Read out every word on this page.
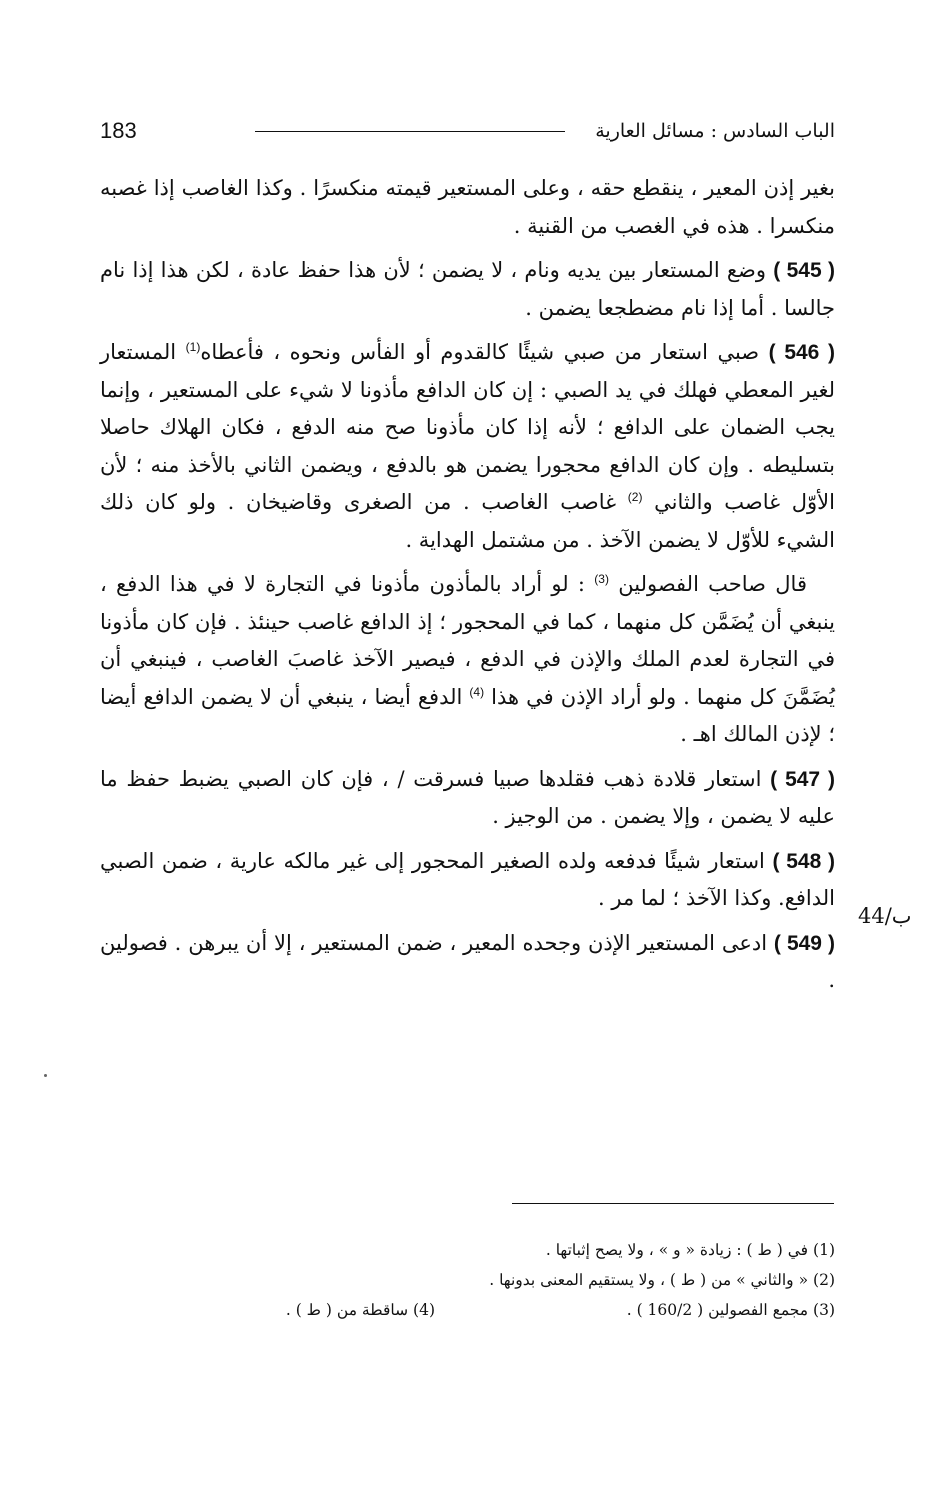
الباب السادس : مسائل العارية
183

بغير إذن المعير ، ينقطع حقه ، وعلى المستعير قيمته منكسرًا . وكذا الغاصب إذا غصبه منكسرا . هذه في الغصب من القنية .

( 545 ) وضع المستعار بين يديه ونام ، لا يضمن ؛ لأن هذا حفظ عادة ، لكن هذا إذا نام جالسا . أما إذا نام مضطجعا يضمن .

( 546 ) صبي استعار من صبي شيئًا كالقدوم أو الفأس ونحوه ، فأعطاه$^{(1)}$ المستعار لغير المعطي فهلك في يد الصبي : إن كان الدافع مأذونا لا شيء على المستعير ، وإنما يجب الضمان على الدافع ؛ لأنه إذا كان مأذونا صح منه الدفع ، فكان الهلاك حاصلا بتسليطه . وإن كان الدافع محجورا يضمن هو بالدفع ، ويضمن الثاني بالأخذ منه ؛ لأن الأوّل غاصب والثاني $^{(2)}$ غاصب الغاصب . من الصغرى وقاضيخان . ولو كان ذلك الشيء للأوّل لا يضمن الآخذ . من مشتمل الهداية .

قال صاحب الفصولين $^{(3)}$ : لو أراد بالمأذون مأذونا في التجارة لا في هذا الدفع ، ينبغي أن يُضَمَّن كل منهما ، كما في المحجور ؛ إذ الدافع غاصب حينئذ . فإن كان مأذونا في التجارة لعدم الملك والإذن في الدفع ، فيصير الآخذ غاصبَ الغاصب ، فينبغي أن يُضَمَّنَ كل منهما . ولو أراد الإذن في هذا $^{(4)}$ الدفع أيضا ، ينبغي أن لا يضمن الدافع أيضا ؛ لإذن المالك اهـ .

( 547 ) استعار قلادة ذهب فقلدها صبيا فسرقت / ، فإن كان الصبي يضبط حفظ ما عليه لا يضمن ، وإلا يضمن . من الوجيز .

( 548 ) استعار شيئًا فدفعه ولده الصغير المحجور إلى غير مالكه عارية ، ضمن الصبي الدافع. وكذا الآخذ ؛ لما مر .

( 549 ) ادعى المستعير الإذن وجحده المعير ، ضمن المستعير ، إلا أن يبرهن . فصولين .

44/ب
(1) في ( ط ) : زيادة « و » ، ولا يصح إثباتها .
(2) « والثاني » من ( ط ) ، ولا يستقيم المعنى بدونها .
(3) مجمع الفصولين ( 160/2 ) .
(4) ساقطة من ( ط ) .
